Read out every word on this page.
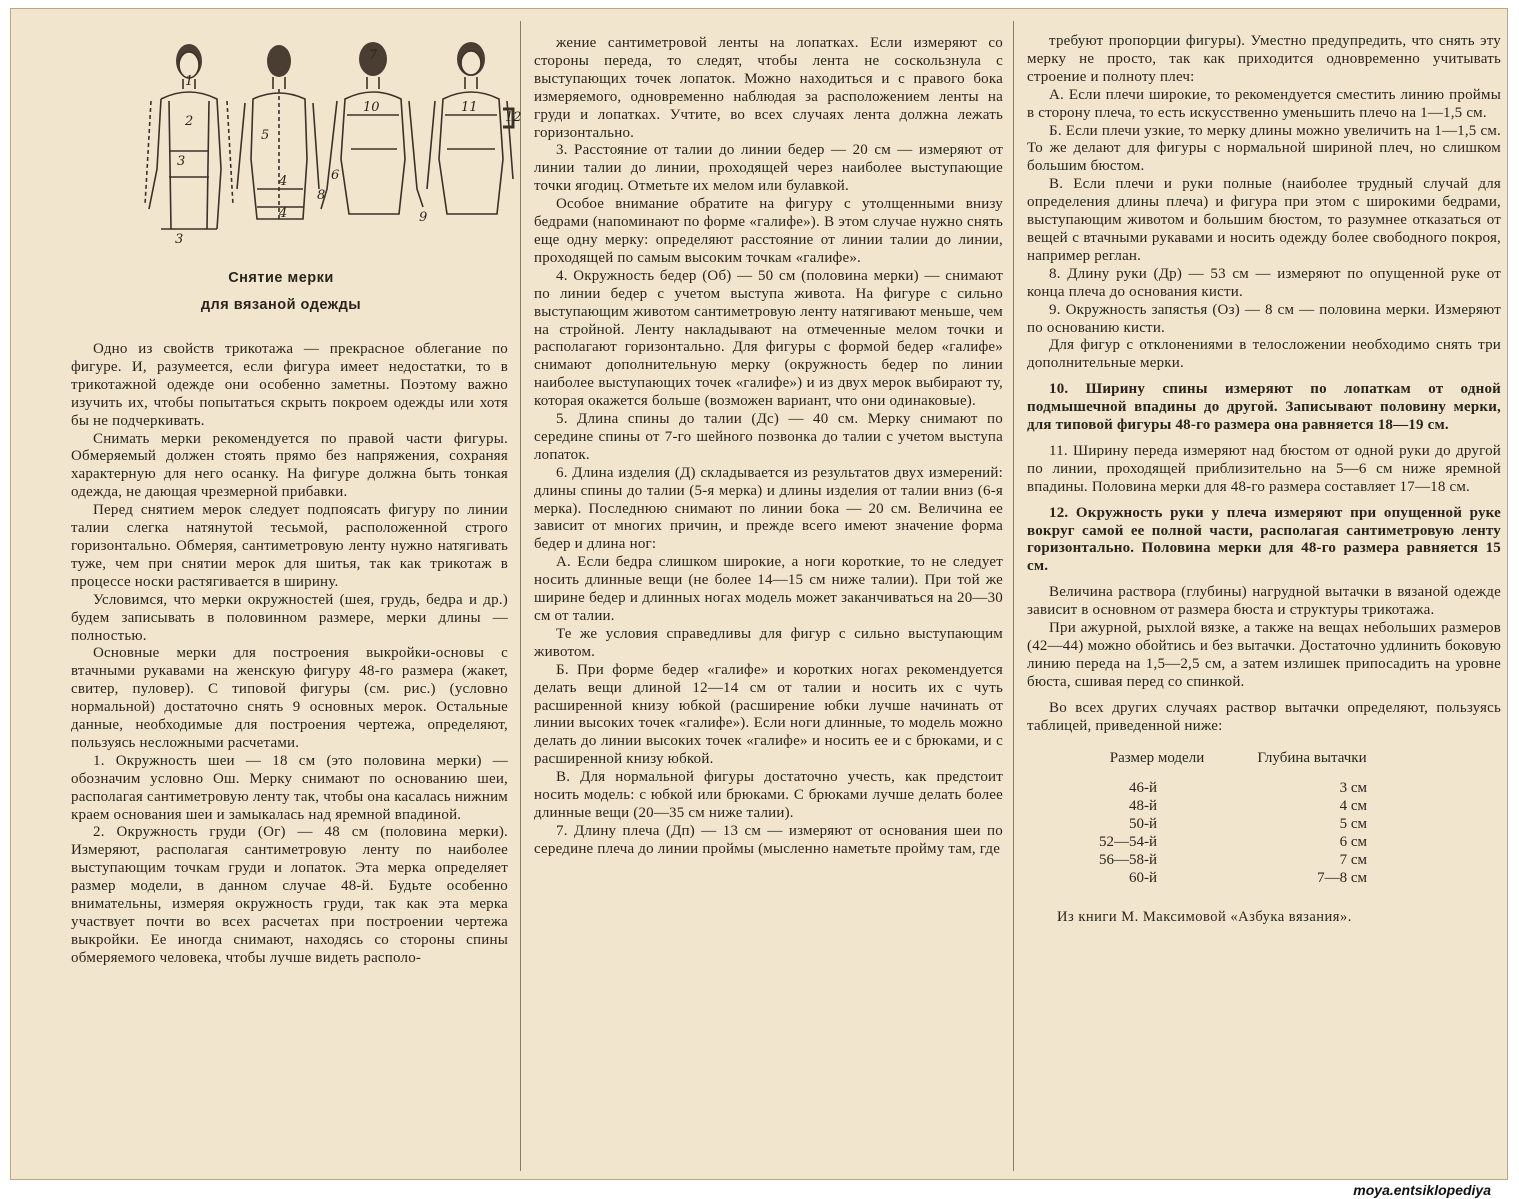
1
2
3
3
5
4
4
7
10
6
8
9
11
12
Снятие мерки
для вязаной одежды

Одно из свойств трикотажа — прекрасное облегание по фигуре. И, разумеется, если фигура имеет недостатки, то в трикотажной одежде они особенно заметны. Поэтому важно изучить их, чтобы попытаться скрыть покроем одежды или хотя бы не подчеркивать.

Снимать мерки рекомендуется по правой части фигуры. Обмеряемый должен стоять прямо без напряжения, сохраняя характерную для него осанку. На фигуре должна быть тонкая одежда, не дающая чрезмерной прибавки.

Перед снятием мерок следует подпоясать фигуру по линии талии слегка натянутой тесьмой, расположенной строго горизонтально. Обмеряя, сантиметровую ленту нужно натягивать туже, чем при снятии мерок для шитья, так как трикотаж в процессе носки растягивается в ширину.

Условимся, что мерки окружностей (шея, грудь, бедра и др.) будем записывать в половинном размере, мерки длины — полностью.

Основные мерки для построения выкройки-основы с втачными рукавами на женскую фигуру 48-го размера (жакет, свитер, пуловер). С типовой фигуры (см. рис.) (условно нормальной) достаточно снять 9 основных мерок. Остальные данные, необходимые для построения чертежа, определяют, пользуясь несложными расчетами.

1. Окружность шеи — 18 см (это половина мерки) — обозначим условно Ош. Мерку снимают по основанию шеи, располагая сантиметровую ленту так, чтобы она касалась нижним краем основания шеи и замыкалась над яремной впадиной.

2. Окружность груди (Ог) — 48 см (половина мерки). Измеряют, располагая сантиметровую ленту по наиболее выступающим точкам груди и лопаток. Эта мерка определяет размер модели, в данном случае 48-й. Будьте особенно внимательны, измеряя окружность груди, так как эта мерка участвует почти во всех расчетах при построении чертежа выкройки. Ее иногда снимают, находясь со стороны спины обмеряемого человека, чтобы лучше видеть располо-

жение сантиметровой ленты на лопатках. Если измеряют со стороны переда, то следят, чтобы лента не соскользнула с выступающих точек лопаток. Можно находиться и с правого бока измеряемого, одновременно наблюдая за расположением ленты на груди и лопатках. Учтите, во всех случаях лента должна лежать горизонтально.

3. Расстояние от талии до линии бедер — 20 см — измеряют от линии талии до линии, проходящей через наиболее выступающие точки ягодиц. Отметьте их мелом или булавкой.

Особое внимание обратите на фигуру с утолщенными внизу бедрами (напоминают по форме «галифе»). В этом случае нужно снять еще одну мерку: определяют расстояние от линии талии до линии, проходящей по самым высоким точкам «галифе».

4. Окружность бедер (Об) — 50 см (половина мерки) — снимают по линии бедер с учетом выступа живота. На фигуре с сильно выступающим животом сантиметровую ленту натягивают меньше, чем на стройной. Ленту накладывают на отмеченные мелом точки и располагают горизонтально. Для фигуры с формой бедер «галифе» снимают дополнительную мерку (окружность бедер по линии наиболее выступающих точек «галифе») и из двух мерок выбирают ту, которая окажется больше (возможен вариант, что они одинаковые).

5. Длина спины до талии (Дс) — 40 см. Мерку снимают по середине спины от 7-го шейного позвонка до талии с учетом выступа лопаток.

6. Длина изделия (Д) складывается из результатов двух измерений: длины спины до талии (5-я мерка) и длины изделия от талии вниз (6-я мерка). Последнюю снимают по линии бока — 20 см. Величина ее зависит от многих причин, и прежде всего имеют значение форма бедер и длина ног:

А. Если бедра слишком широкие, а ноги короткие, то не следует носить длинные вещи (не более 14—15 см ниже талии). При той же ширине бедер и длинных ногах модель может заканчиваться на 20—30 см от талии.

Те же условия справедливы для фигур с сильно выступающим животом.

Б. При форме бедер «галифе» и коротких ногах рекомендуется делать вещи длиной 12—14 см от талии и носить их с чуть расширенной книзу юбкой (расширение юбки лучше начинать от линии высоких точек «галифе»). Если ноги длинные, то модель можно делать до линии высоких точек «галифе» и носить ее и с брюками, и с расширенной книзу юбкой.

В. Для нормальной фигуры достаточно учесть, как предстоит носить модель: с юбкой или брюками. С брюками лучше делать более длинные вещи (20—35 см ниже талии).

7. Длину плеча (Дп) — 13 см — измеряют от основания шеи по середине плеча до линии проймы (мысленно наметьте пройму там, где

требуют пропорции фигуры). Уместно предупредить, что снять эту мерку не просто, так как приходится одновременно учитывать строение и полноту плеч:

А. Если плечи широкие, то рекомендуется сместить линию проймы в сторону плеча, то есть искусственно уменьшить плечо на 1—1,5 см.

Б. Если плечи узкие, то мерку длины можно увеличить на 1—1,5 см. То же делают для фигуры с нормальной шириной плеч, но слишком большим бюстом.

В. Если плечи и руки полные (наиболее трудный случай для определения длины плеча) и фигура при этом с широкими бедрами, выступающим животом и большим бюстом, то разумнее отказаться от вещей с втачными рукавами и носить одежду более свободного покроя, например реглан.

8. Длину руки (Др) — 53 см — измеряют по опущенной руке от конца плеча до основания кисти.

9. Окружность запястья (Оз) — 8 см — половина мерки. Измеряют по основанию кисти.

Для фигур с отклонениями в телосложении необходимо снять три дополнительные мерки.

10. Ширину спины измеряют по лопаткам от одной подмышечной впадины до другой. Записывают половину мерки, для типовой фигуры 48-го размера она равняется 18—19 см.

11. Ширину переда измеряют над бюстом от одной руки до другой по линии, проходящей приблизительно на 5—6 см ниже яремной впадины. Половина мерки для 48-го размера составляет 17—18 см.

12. Окружность руки у плеча измеряют при опущенной руке вокруг самой ее полной части, располагая сантиметровую ленту горизонтально. Половина мерки для 48-го размера равняется 15 см.

Величина раствора (глубины) нагрудной вытачки в вязаной одежде зависит в основном от размера бюста и структуры трикотажа.

При ажурной, рыхлой вязке, а также на вещах небольших размеров (42—44) можно обойтись и без вытачки. Достаточно удлинить боковую линию переда на 1,5—2,5 см, а затем излишек припосадить на уровне бюста, сшивая перед со спинкой.

Во всех других случаях раствор вытачки определяют, пользуясь таблицей, приведенной ниже:

Размер модели	Глубина вытачки
46-й	3 см
48-й	4 см
50-й	5 см
52—54-й	6 см
56—58-й	7 см
60-й	7—8 см
Из книги М. Максимовой «Азбука вязания».
moya.entsiklopediya
